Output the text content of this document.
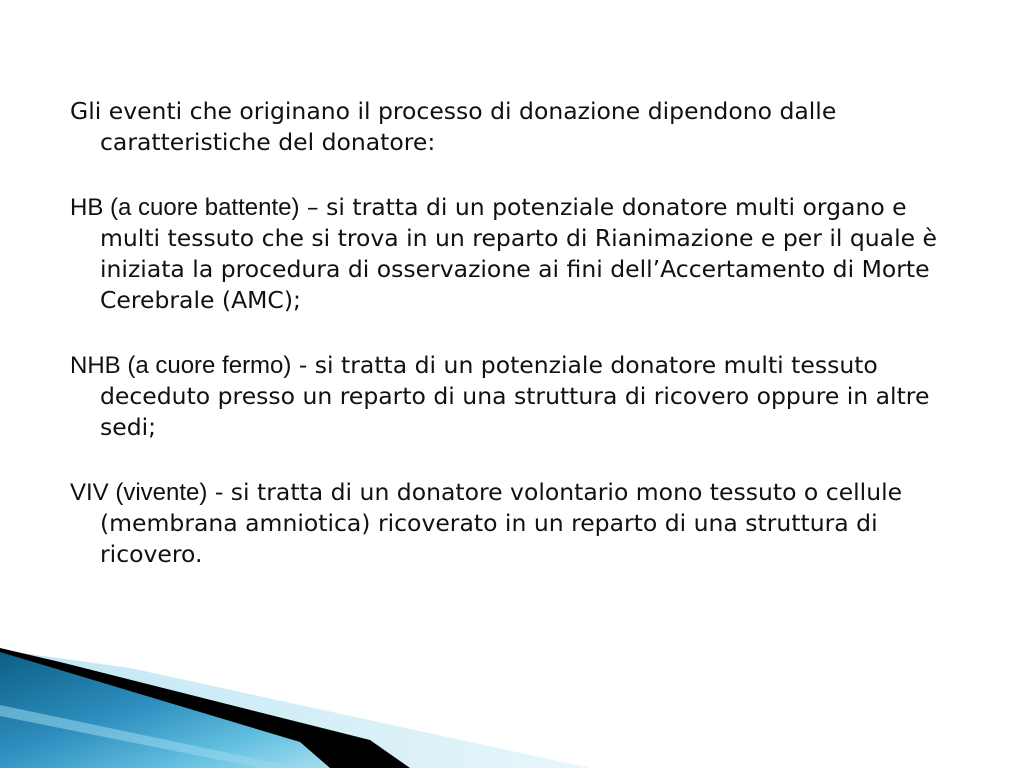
Gli eventi che originano il processo di donazione dipendono dalle caratteristiche del donatore:

HB (a cuore battente) – si tratta di un potenziale donatore multi organo e multi tessuto che si trova in un reparto di Rianimazione e per il quale è iniziata la procedura di osservazione ai fini dell’Accertamento di Morte Cerebrale (AMC);

NHB (a cuore fermo) - si tratta di un potenziale donatore multi tessuto deceduto presso un reparto di una struttura di ricovero oppure in altre sedi;

VIV (vivente) - si tratta di un donatore volontario mono tessuto o cellule (membrana amniotica) ricoverato in un reparto di una struttura di ricovero.
